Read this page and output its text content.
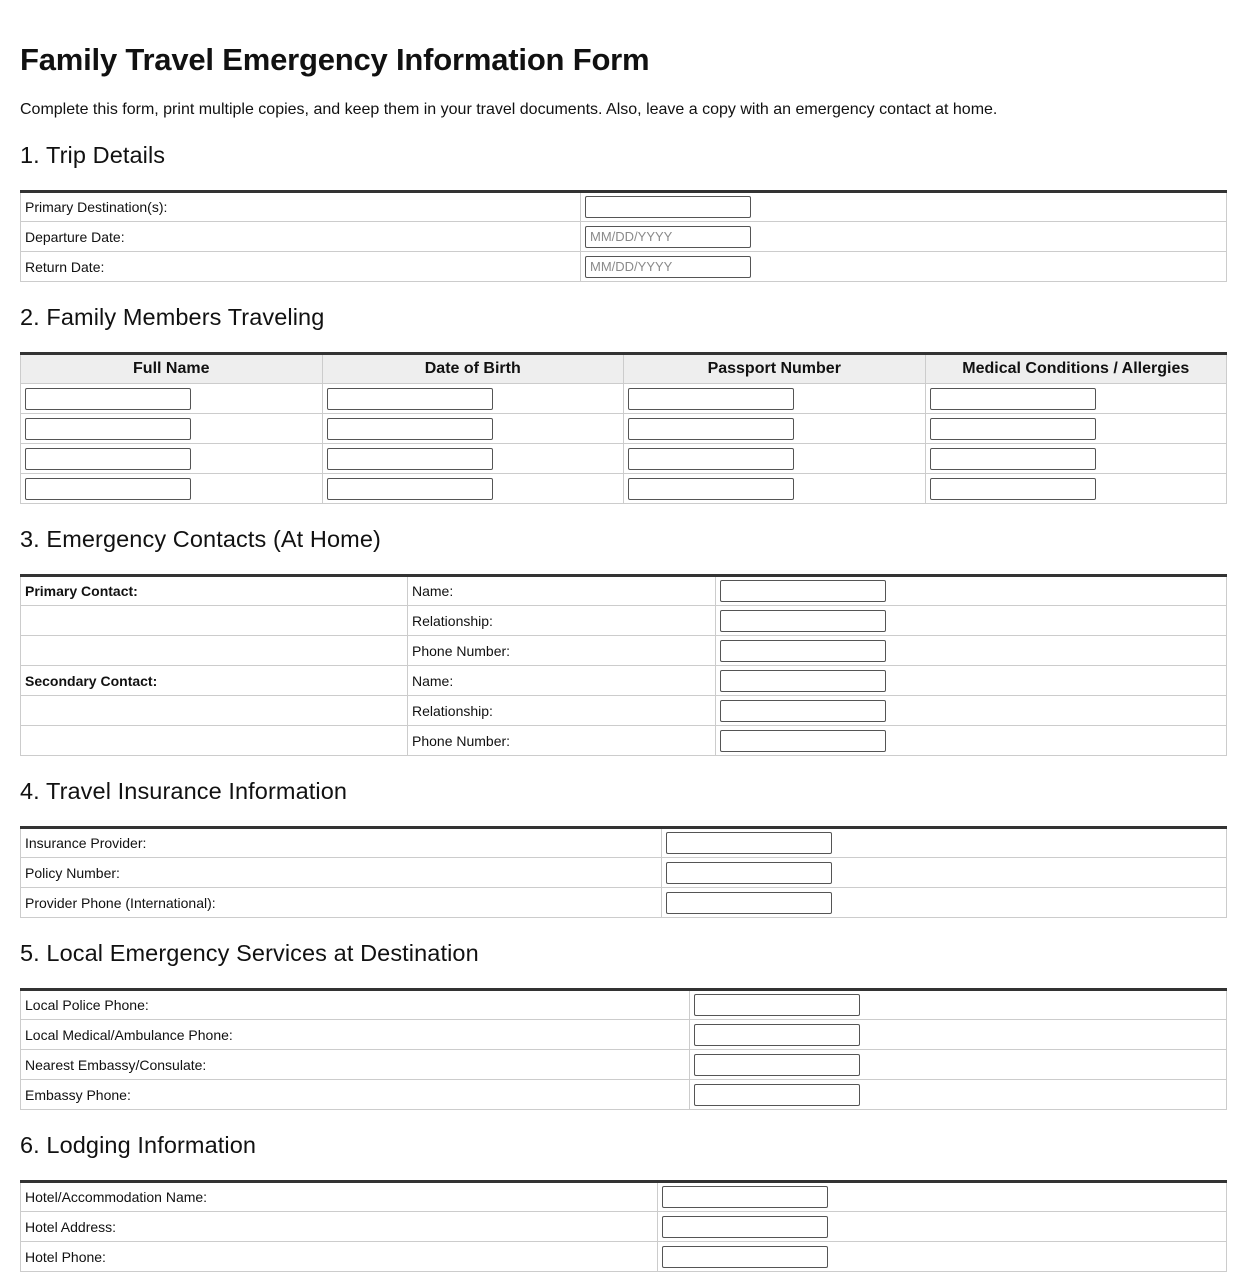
Family Travel Emergency Information Form

Complete this form, print multiple copies, and keep them in your travel documents. Also, leave a copy with an emergency contact at home.

1. Trip Details
Primary Destination(s):	

Departure Date:	
MM/DD/YYYY
Return Date:	
MM/DD/YYYY
2. Family Members Traveling
Full Name	Date of Birth	Passport Number	Medical Conditions / Allergies

3. Emergency Contacts (At Home)
Primary Contact:	Name:	

	Relationship:	

	Phone Number:	

Secondary Contact:	Name:	

	Relationship:	

	Phone Number:	
4. Travel Insurance Information
Insurance Provider:	

Policy Number:	

Provider Phone (International):	
5. Local Emergency Services at Destination
Local Police Phone:	

Local Medical/Ambulance Phone:	

Nearest Embassy/Consulate:	

Embassy Phone:	
6. Lodging Information
Hotel/Accommodation Name:	

Hotel Address:	

Hotel Phone:	
